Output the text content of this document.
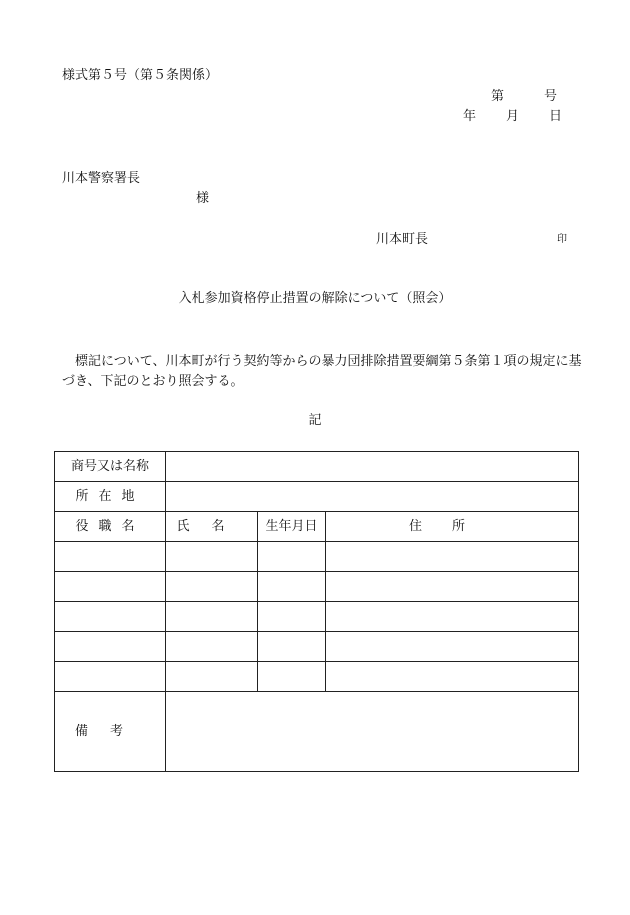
様式第５号（第５条関係）
第	号
年 月 日
川本警察署長
様
川本町長	印
入札参加資格停止措置の解除について（照会）
標記について、川本町が行う契約等からの暴力団排除措置要綱第５条第１項の規定に基づき、下記のとおり照会する。
記
商号又は名称			
所在地			
役職名	氏名	生年月日	住所

備考			
